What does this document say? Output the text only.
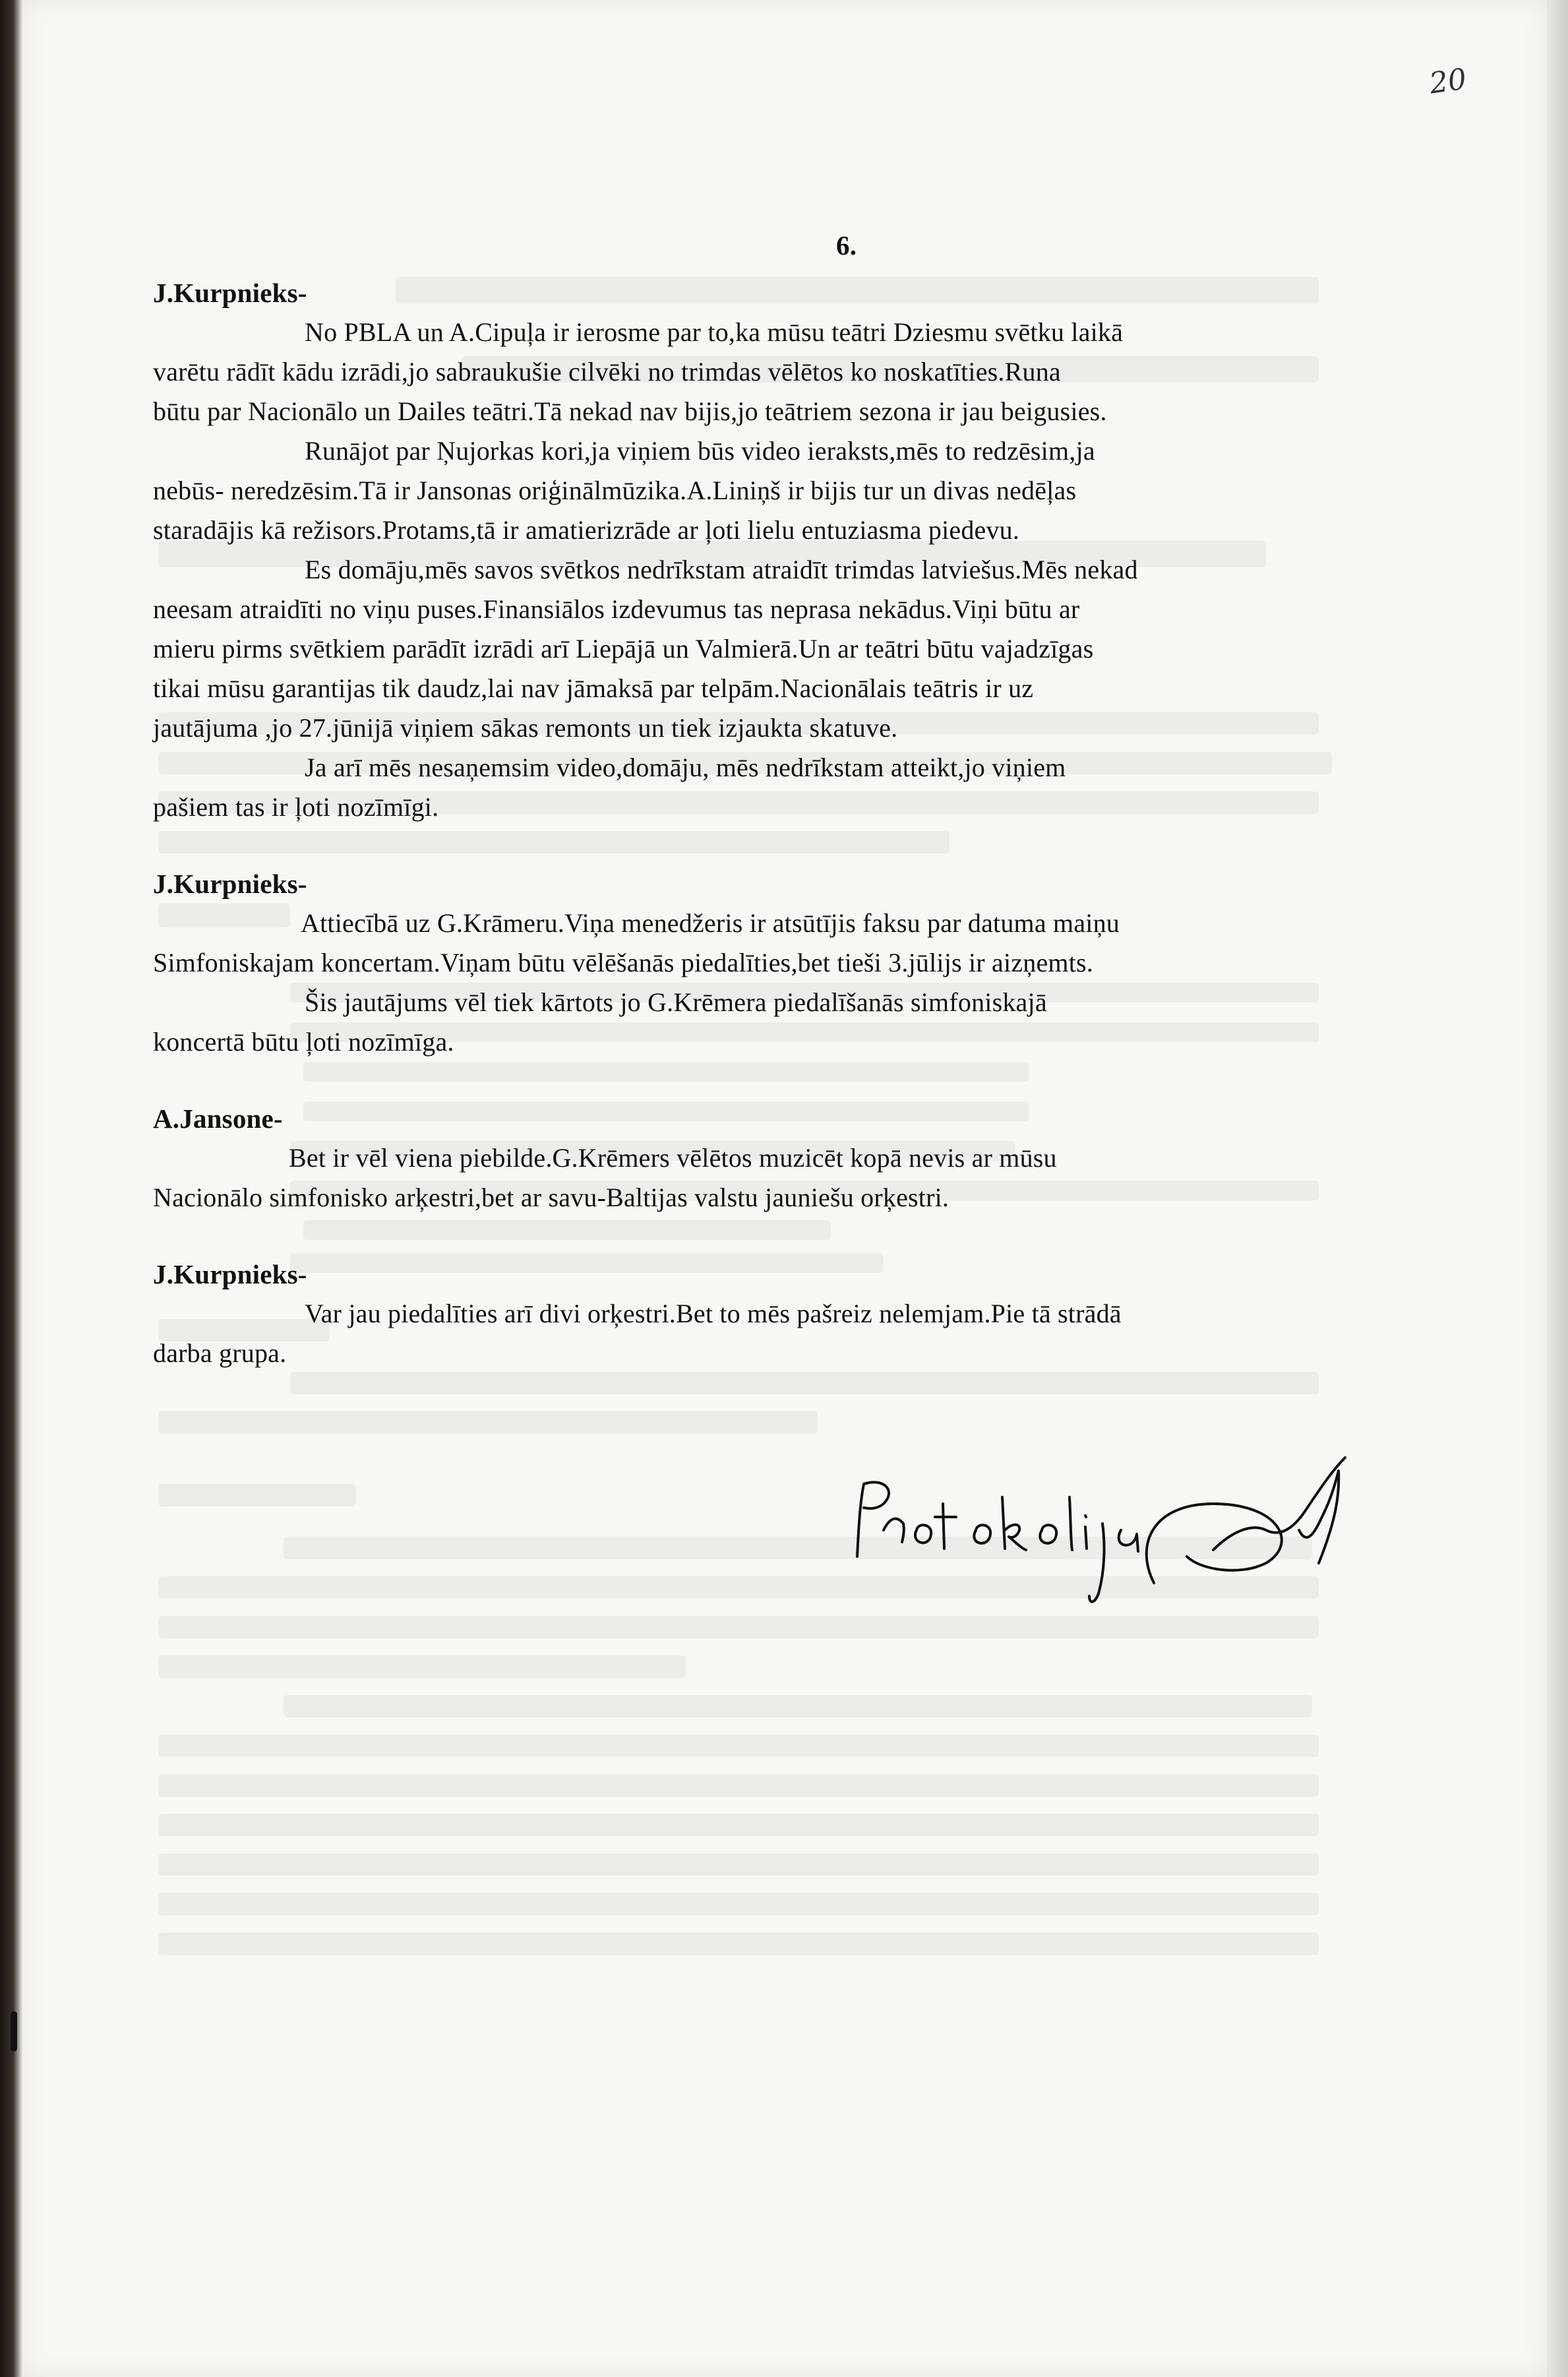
20
6.
J.Kurpnieks-
No PBLA un A.Cipuļa ir ierosme par to,ka mūsu teātri Dziesmu svētku laikā
varētu rādīt kādu izrādi,jo sabraukušie cilvēki no trimdas vēlētos ko noskatīties.Runa
būtu par Nacionālo un Dailes teātri.Tā nekad nav bijis,jo teātriem sezona ir jau beigusies.
Runājot par Ņujorkas kori,ja viņiem būs video ieraksts,mēs to redzēsim,ja
nebūs- neredzēsim.Tā ir Jansonas oriģinālmūzika.A.Liniņš ir bijis tur un divas nedēļas
staradājis kā režisors.Protams,tā ir amatierizrāde ar ļoti lielu entuziasma piedevu.
Es domāju,mēs savos svētkos nedrīkstam atraidīt trimdas latviešus.Mēs nekad
neesam atraidīti no viņu puses.Finansiālos izdevumus tas neprasa nekādus.Viņi būtu ar
mieru pirms svētkiem parādīt izrādi arī Liepājā un Valmierā.Un ar teātri būtu vajadzīgas
tikai mūsu garantijas tik daudz,lai nav jāmaksā par telpām.Nacionālais teātris ir uz
jautājuma ,jo 27.jūnijā viņiem sākas remonts un tiek izjaukta skatuve.
Ja arī mēs nesaņemsim video,domāju, mēs nedrīkstam atteikt,jo viņiem
pašiem tas ir ļoti nozīmīgi.
J.Kurpnieks-
Attiecībā uz G.Krāmeru.Viņa menedžeris ir atsūtījis faksu par datuma maiņu
Simfoniskajam koncertam.Viņam būtu vēlēšanās piedalīties,bet tieši 3.jūlijs ir aizņemts.
Šis jautājums vēl tiek kārtots jo G.Krēmera piedalīšanās simfoniskajā
koncertā būtu ļoti nozīmīga.
A.Jansone-
Bet ir vēl viena piebilde.G.Krēmers vēlētos muzicēt kopā nevis ar mūsu
Nacionālo simfonisko arķestri,bet ar savu-Baltijas valstu jauniešu orķestri.
J.Kurpnieks-
Var jau piedalīties arī divi orķestri.Bet to mēs pašreiz nelemjam.Pie tā strādā
darba grupa.
